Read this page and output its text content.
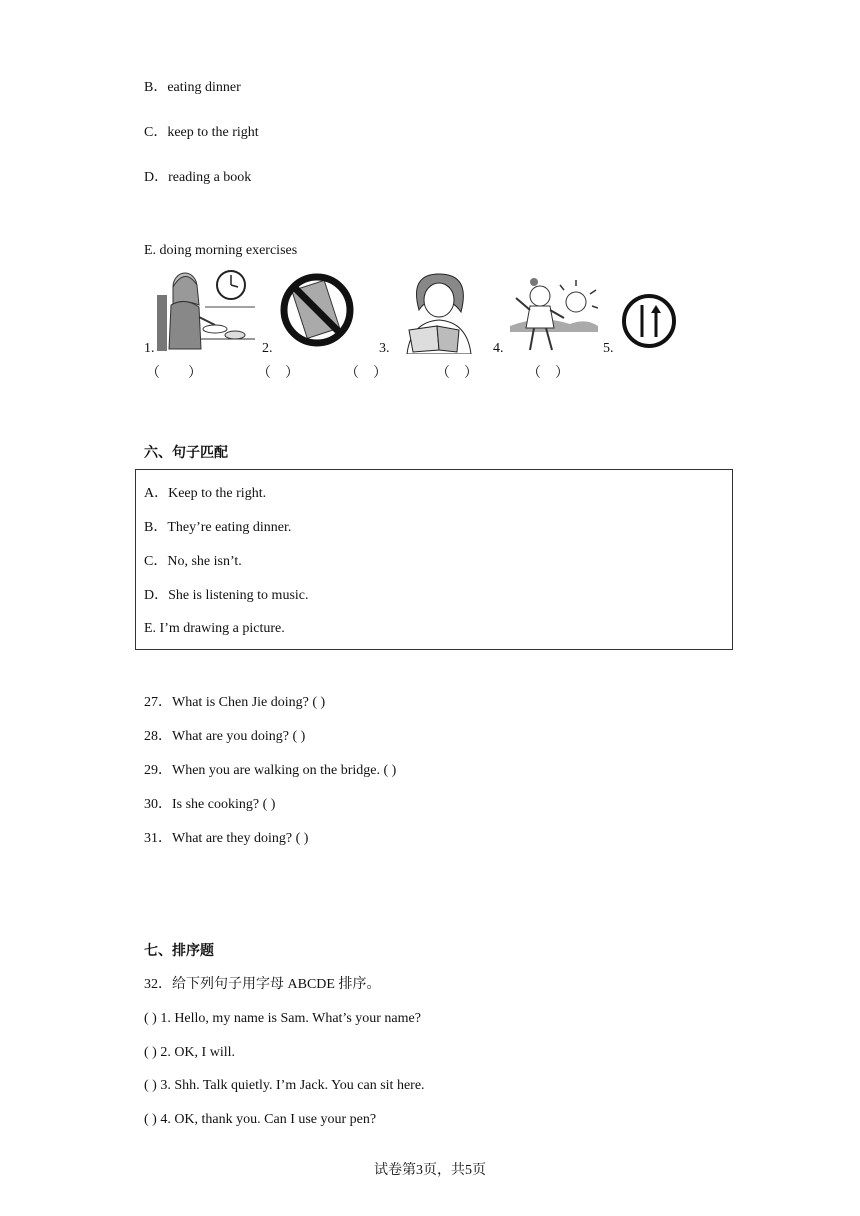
B．eating dinner
C．keep to the right
D．reading a book
E. doing morning exercises
1.	2.	3.	4.	5.
（　　）	（　）	（　）	（　）	（　）
六、句子匹配
A．Keep to the right.
B．They’re eating dinner.
C．No, she isn’t.
D．She is listening to music.
E. I’m drawing a picture.
27．What is Chen Jie doing? ( )
28．What are you doing? ( )
29．When you are walking on the bridge. ( )
30．Is she cooking? ( )
31．What are they doing? ( )
七、排序题
32．给下列句子用字母 ABCDE 排序。
( ) 1. Hello, my name is Sam. What’s your name?
( ) 2. OK, I will.
( ) 3. Shh. Talk quietly. I’m Jack. You can sit here.
( ) 4. OK, thank you. Can I use your pen?
试卷第3页，共5页
